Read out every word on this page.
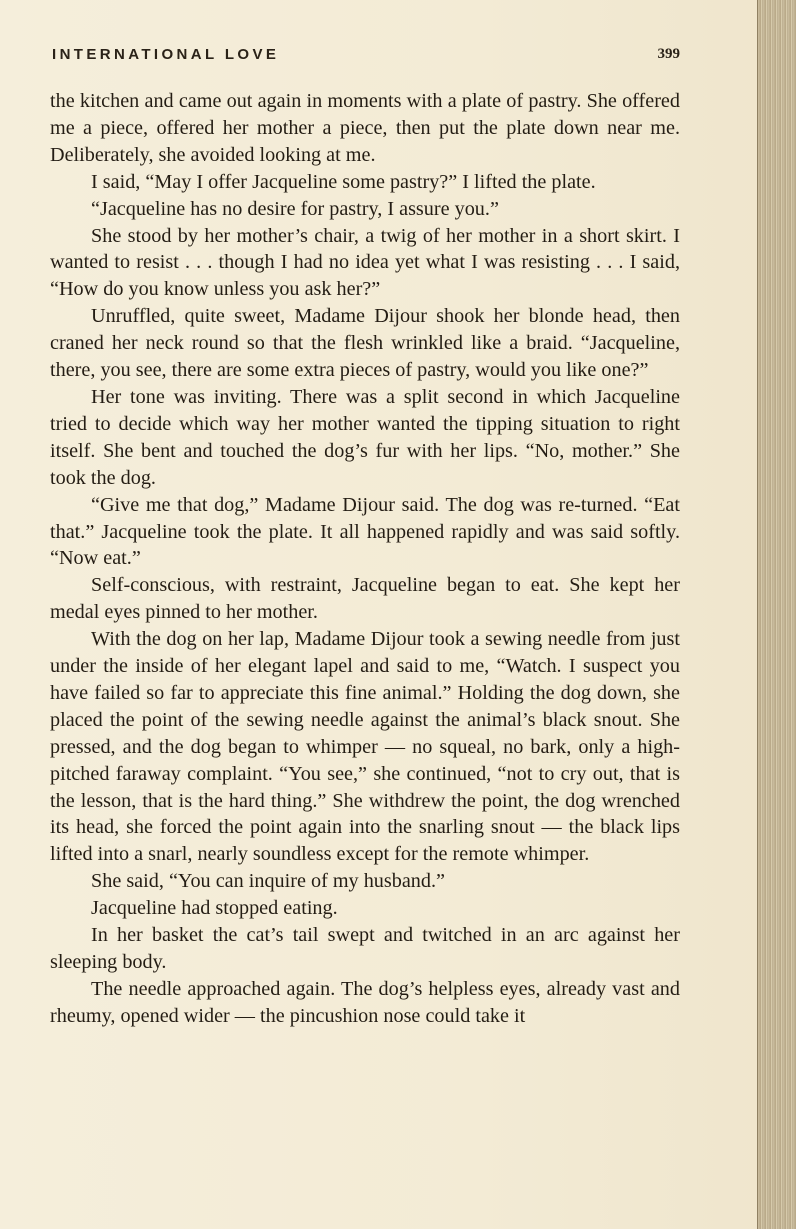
INTERNATIONAL LOVE	399

the kitchen and came out again in moments with a plate of pastry. She offered me a piece, offered her mother a piece, then put the plate down near me. Deliberately, she avoided looking at me.

I said, “May I offer Jacqueline some pastry?” I lifted the plate.

“Jacqueline has no desire for pastry, I assure you.”

She stood by her mother’s chair, a twig of her mother in a short skirt. I wanted to resist . . . though I had no idea yet what I was resisting . . . I said, “How do you know unless you ask her?”

Unruffled, quite sweet, Madame Dijour shook her blonde head, then craned her neck round so that the flesh wrinkled like a braid. “Jacqueline, there, you see, there are some extra pieces of pastry, would you like one?”

Her tone was inviting. There was a split second in which Jacqueline tried to decide which way her mother wanted the tipping situation to right itself. She bent and touched the dog’s fur with her lips. “No, mother.” She took the dog.

“Give me that dog,” Madame Dijour said. The dog was re-turned. “Eat that.” Jacqueline took the plate. It all happened rapidly and was said softly. “Now eat.”

Self-conscious, with restraint, Jacqueline began to eat. She kept her medal eyes pinned to her mother.

With the dog on her lap, Madame Dijour took a sewing needle from just under the inside of her elegant lapel and said to me, “Watch. I suspect you have failed so far to appreciate this fine animal.” Holding the dog down, she placed the point of the sewing needle against the animal’s black snout. She pressed, and the dog began to whimper — no squeal, no bark, only a high-pitched faraway complaint. “You see,” she continued, “not to cry out, that is the lesson, that is the hard thing.” She withdrew the point, the dog wrenched its head, she forced the point again into the snarling snout — the black lips lifted into a snarl, nearly soundless except for the remote whimper.

She said, “You can inquire of my husband.”

Jacqueline had stopped eating.

In her basket the cat’s tail swept and twitched in an arc against her sleeping body.

The needle approached again. The dog’s helpless eyes, already vast and rheumy, opened wider — the pincushion nose could take it
